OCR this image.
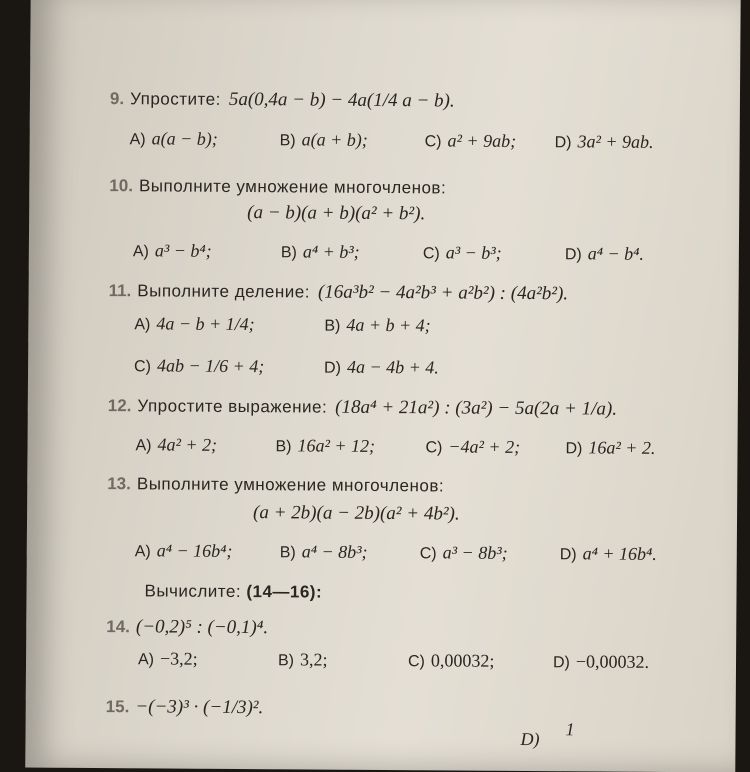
9. Упростите: 5a(0,4a − b) − 4a(1/4 a − b).
A) a(a − b);	B) a(a + b);	C) a² + 9ab; D) 3a² + 9ab.
10. Выполните умножение многочленов:
(a − b)(a + b)(a² + b²).
A) a³ − b⁴;	B) a⁴ + b³;	C) a³ − b³;	D) a⁴ − b⁴.
11. Выполните деление: (16a³b² − 4a²b³ + a²b²) : (4a²b²).
A) 4a − b + 1/4;	B) 4a + b + 4;
C) 4ab − 1/6 + 4;	D) 4a − 4b + 4.
12. Упростите выражение: (18a⁴ + 21a²) : (3a²) − 5a(2a + 1/a).
A) 4a² + 2;	B) 16a² + 12;	C) −4a² + 2;	D) 16a² + 2.
13. Выполните умножение многочленов:
(a + 2b)(a − 2b)(a² + 4b²).
A) a⁴ − 16b⁴;	B) a⁴ − 8b³;	C) a³ − 8b³;	D) a⁴ + 16b⁴.
Вычислите: (14—16):
14. (−0,2)⁵ : (−0,1)⁴.
A) −3,2;	B) 3,2;	C) 0,00032;	D) −0,00032.
15. −(−3)³ · (−1/3)².
D) 1
